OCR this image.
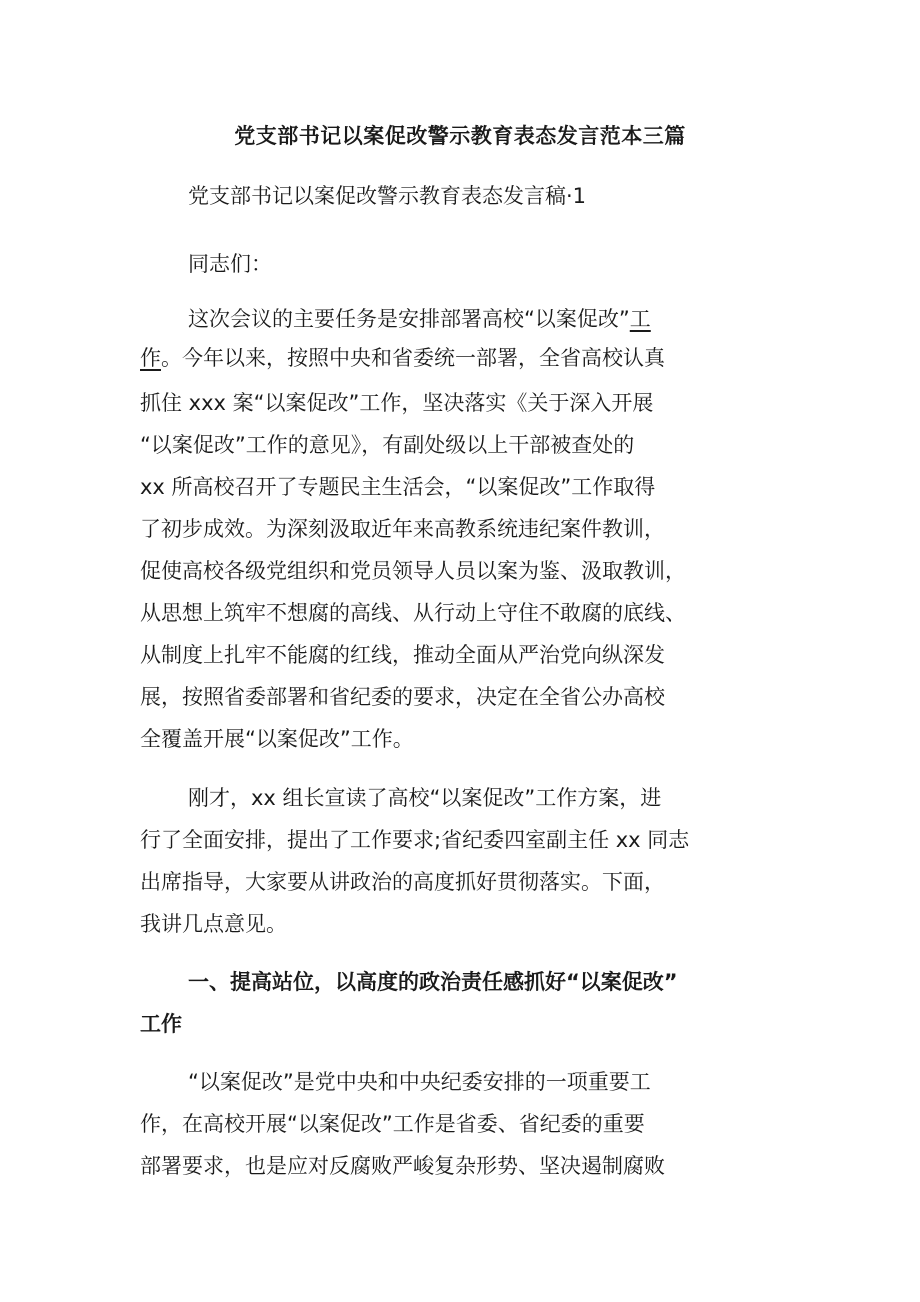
党支部书记以案促改警示教育表态发言范本三篇
党支部书记以案促改警示教育表态发言稿·1
同志们：
这次会议的主要任务是安排部署高校“以案促改”工
作。今年以来，按照中央和省委统一部署，全省高校认真
抓住 xxx 案“以案促改”工作，坚决落实《关于深入开展
“以案促改”工作的意见》，有副处级以上干部被查处的
xx 所高校召开了专题民主生活会，“以案促改”工作取得
了初步成效。为深刻汲取近年来高教系统违纪案件教训，
促使高校各级党组织和党员领导人员以案为鉴、汲取教训，
从思想上筑牢不想腐的高线、从行动上守住不敢腐的底线、
从制度上扎牢不能腐的红线，推动全面从严治党向纵深发
展，按照省委部署和省纪委的要求，决定在全省公办高校
全覆盖开展“以案促改”工作。
刚才，xx 组长宣读了高校“以案促改”工作方案，进
行了全面安排，提出了工作要求;省纪委四室副主任 xx 同志
出席指导，大家要从讲政治的高度抓好贯彻落实。下面，
我讲几点意见。
一、提高站位，以高度的政治责任感抓好“以案促改”
工作
“以案促改”是党中央和中央纪委安排的一项重要工
作，在高校开展“以案促改”工作是省委、省纪委的重要
部署要求，也是应对反腐败严峻复杂形势、坚决遏制腐败
